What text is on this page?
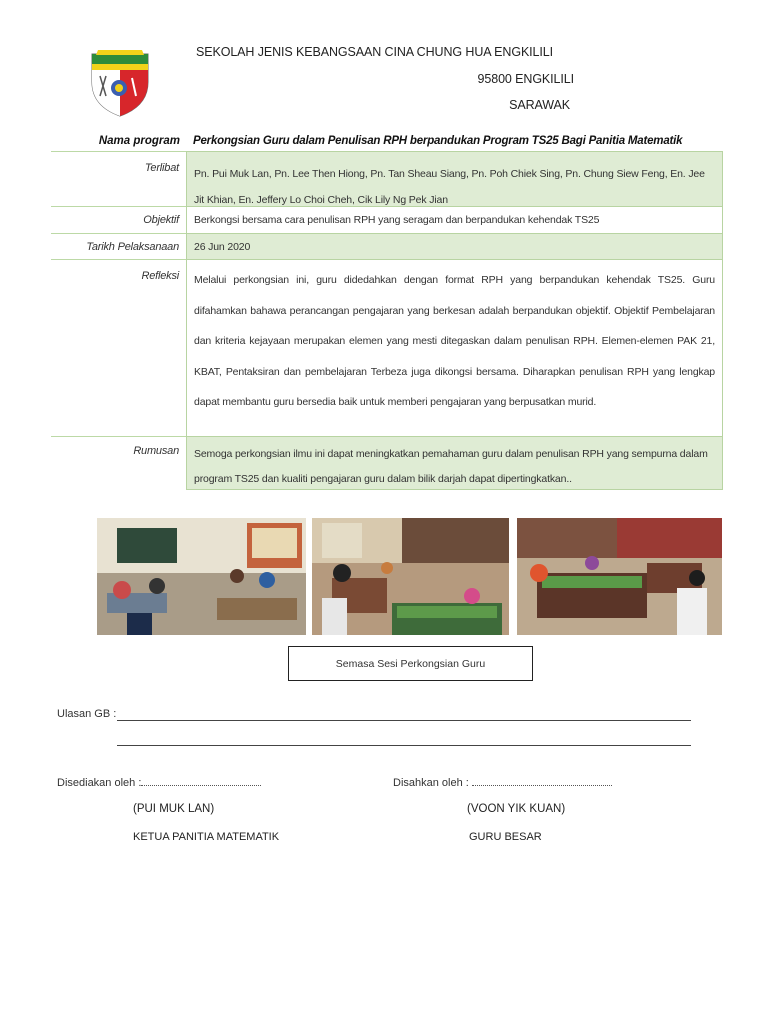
SEKOLAH JENIS KEBANGSAAN CINA CHUNG HUA ENGKILILI
95800 ENGKILILI
SARAWAK
Nama program Perkongsian Guru dalam Penulisan RPH berpandukan Program TS25 Bagi Panitia Matematik
Terlibat	Pn. Pui Muk Lan, Pn. Lee Then Hiong, Pn. Tan Sheau Siang, Pn. Poh Chiek Sing, Pn. Chung Siew Feng, En. Jee Jit Khian, En. Jeffery Lo Choi Cheh, Cik Lily Ng Pek Jian
Objektif	Berkongsi bersama cara penulisan RPH yang seragam dan berpandukan kehendak TS25
Tarikh Pelaksanaan	26 Jun 2020
Refleksi	Melalui perkongsian ini, guru didedahkan dengan format RPH yang berpandukan kehendak TS25. Guru difahamkan bahawa perancangan pengajaran yang berkesan adalah berpandukan objektif. Objektif Pembelajaran dan kriteria kejayaan merupakan elemen yang mesti ditegaskan dalam penulisan RPH. Elemen-elemen PAK 21, KBAT, Pentaksiran dan pembelajaran Terbeza juga dikongsi bersama. Diharapkan penulisan RPH yang lengkap dapat membantu guru bersedia baik untuk memberi pengajaran yang berpusatkan murid.
Rumusan	Semoga perkongsian ilmu ini dapat meningkatkan pemahaman guru dalam penulisan RPH yang sempurna dalam program TS25 dan kualiti pengajaran guru dalam bilik darjah dapat dipertingkatkan..
Semasa Sesi Perkongsian Guru
Ulasan GB :
Disediakan oleh :	Disahkan oleh :
(PUI MUK LAN)	(VOON YIK KUAN)
KETUA PANITIA MATEMATIK	GURU BESAR
